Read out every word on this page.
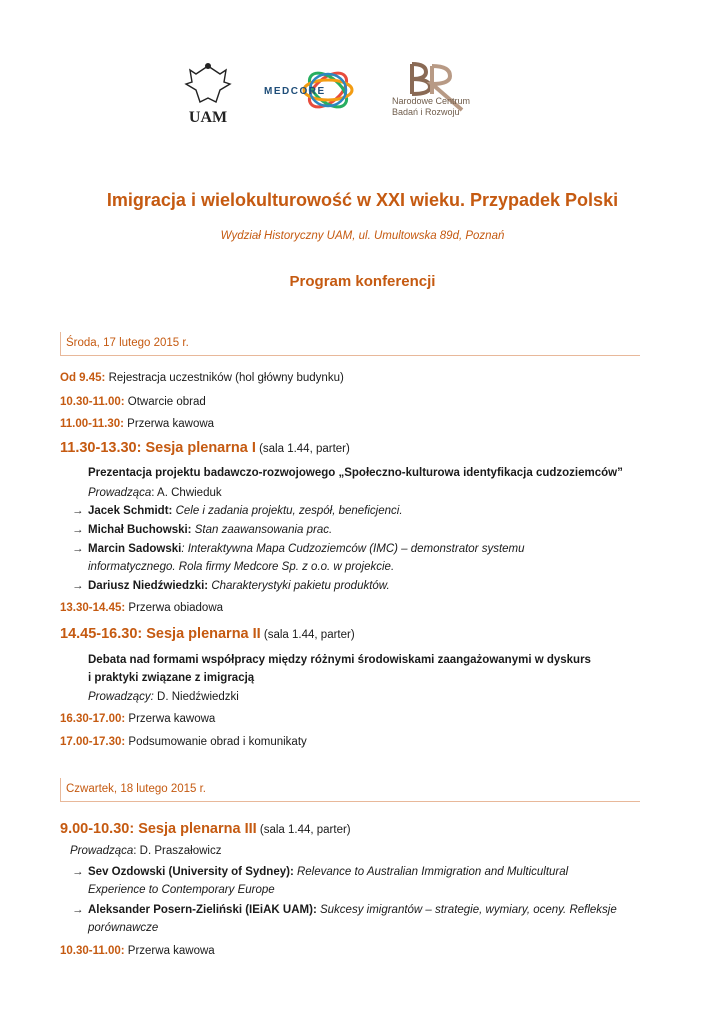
UAM
MEDCORE
Narodowe Centrum
Badań i Rozwoju
Imigracja i wielokulturowość w XXI wieku. Przypadek Polski
Wydział Historyczny UAM, ul. Umultowska 89d, Poznań
Program konferencji
Środa, 17 lutego 2015 r.
Od 9.45: Rejestracja uczestników (hol główny budynku)
10.30-11.00: Otwarcie obrad
11.00-11.30: Przerwa kawowa
11.30-13.30: Sesja plenarna I (sala 1.44, parter)
Prezentacja projektu badawczo-rozwojowego „Społeczno-kulturowa identyfikacja cudzoziemców”
Prowadząca: A. Chwieduk
→ Jacek Schmidt: Cele i zadania projektu, zespół, beneficjenci.
→ Michał Buchowski: Stan zaawansowania prac.
→ Marcin Sadowski: Interaktywna Mapa Cudzoziemców (IMC) – demonstrator systemu
informatycznego. Rola firmy Medcore Sp. z o.o. w projekcie.
→ Dariusz Niedźwiedzki: Charakterystyki pakietu produktów.
13.30-14.45: Przerwa obiadowa
14.45-16.30: Sesja plenarna II (sala 1.44, parter)
Debata nad formami współpracy między różnymi środowiskami zaangażowanymi w dyskurs
i praktyki związane z imigracją
Prowadzący: D. Niedźwiedzki
16.30-17.00: Przerwa kawowa
17.00-17.30: Podsumowanie obrad i komunikaty
Czwartek, 18 lutego 2015 r.
9.00-10.30: Sesja plenarna III (sala 1.44, parter)
Prowadząca: D. Praszałowicz
→ Sev Ozdowski (University of Sydney): Relevance to Australian Immigration and Multicultural
Experience to Contemporary Europe
→ Aleksander Posern-Zieliński (IEiAK UAM): Sukcesy imigrantów – strategie, wymiary, oceny. Refleksje
porównawcze
10.30-11.00: Przerwa kawowa
